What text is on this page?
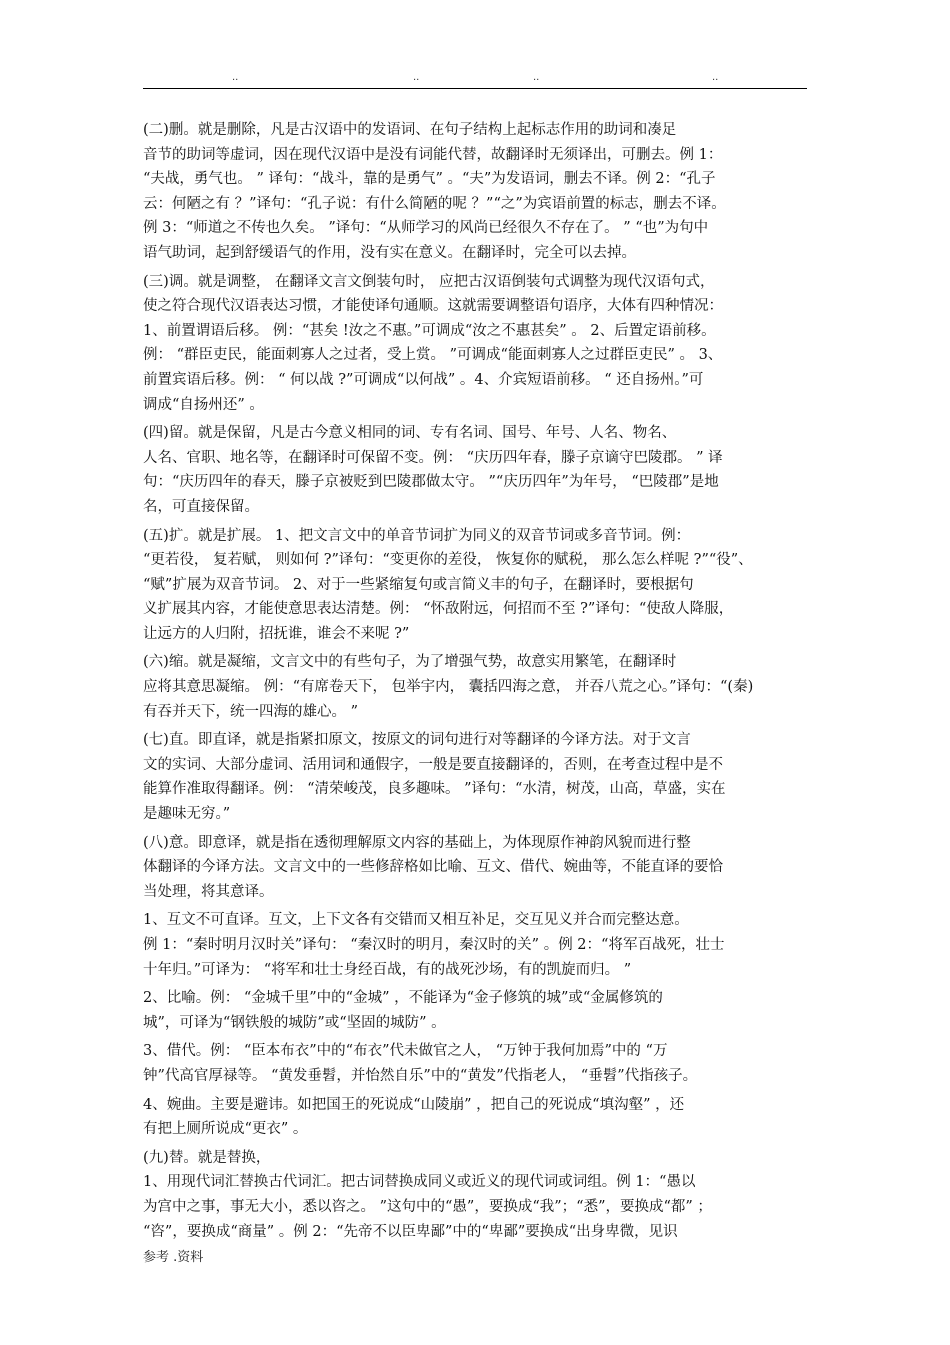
..	..	..	..
(二)删。就是删除，凡是古汉语中的发语词、在句子结构上起标志作用的助词和凑足
音节的助词等虚词，因在现代汉语中是没有词能代替，故翻译时无须译出，可删去。例 1：
“夫战，勇气也。 ” 译句：“战斗，靠的是勇气” 。“夫”为发语词，删去不译。例 2：“孔子
云：何陋之有 ？”译句：“孔子说：有什么简陋的呢 ？”“之”为宾语前置的标志，删去不译。
例 3：“师道之不传也久矣。 ”译句：“从师学习的风尚已经很久不存在了。 ” “也”为句中
语气助词，起到舒缓语气的作用，没有实在意义。在翻译时，完全可以去掉。
(三)调。就是调整， 在翻译文言文倒装句时， 应把古汉语倒装句式调整为现代汉语句式，
使之符合现代汉语表达习惯，才能使译句通顺。这就需要调整语句语序，大体有四种情况：
1、前置谓语后移。 例：“甚矣 !汝之不惠。”可调成“汝之不惠甚矣” 。 2、后置定语前移。
例： “群臣吏民，能面刺寡人之过者，受上赏。 ”可调成“能面刺寡人之过群臣吏民” 。 3、
前置宾语后移。例： “ 何以战 ?”可调成“以何战” 。4、介宾短语前移。 “ 还自扬州。”可
调成“自扬州还” 。
(四)留。就是保留，凡是古今意义相同的词、专有名词、国号、年号、人名、物名、
人名、官职、地名等，在翻译时可保留不变。例： “庆历四年春，滕子京谪守巴陵郡。 ” 译
句：“庆历四年的春天，滕子京被贬到巴陵郡做太守。 ”“庆历四年”为年号， “巴陵郡”是地
名，可直接保留。
(五)扩。就是扩展。 1、把文言文中的单音节词扩为同义的双音节词或多音节词。例：
“更若役， 复若赋， 则如何 ?”译句：“变更你的差役， 恢复你的赋税， 那么怎么样呢 ?”“役”、
“赋”扩展为双音节词。 2、对于一些紧缩复句或言简义丰的句子，在翻译时，要根据句
义扩展其内容，才能使意思表达清楚。例： “怀敌附远，何招而不至 ?”译句：“使敌人降服，
让远方的人归附，招抚谁，谁会不来呢 ?”
(六)缩。就是凝缩，文言文中的有些句子，为了增强气势，故意实用繁笔，在翻译时
应将其意思凝缩。 例：“有席卷天下， 包举宇内， 囊括四海之意， 并吞八荒之心。”译句：“(秦)
有吞并天下，统一四海的雄心。 ”
(七)直。即直译，就是指紧扣原文，按原文的词句进行对等翻译的今译方法。对于文言
文的实词、大部分虚词、活用词和通假字，一般是要直接翻译的，否则，在考查过程中是不
能算作准取得翻译。例： “清荣峻茂，良多趣味。 ”译句：“水清，树茂，山高，草盛，实在
是趣味无穷。”
(八)意。即意译，就是指在透彻理解原文内容的基础上，为体现原作神韵风貌而进行整
体翻译的今译方法。文言文中的一些修辞格如比喻、互文、借代、婉曲等，不能直译的要恰
当处理，将其意译。
1、互文不可直译。互文，上下文各有交错而又相互补足，交互见义并合而完整达意。
例 1：“秦时明月汉时关”译句： “秦汉时的明月，秦汉时的关” 。例 2：“将军百战死，壮士
十年归。”可译为： “将军和壮士身经百战，有的战死沙场，有的凯旋而归。 ”
2、比喻。例： “金城千里”中的“金城” ，不能译为“金子修筑的城”或“金属修筑的
城”，可译为“钢铁般的城防”或“坚固的城防” 。
3、借代。例： “臣本布衣”中的“布衣”代未做官之人， “万钟于我何加焉”中的 “万
钟”代高官厚禄等。 “黄发垂髫，并怡然自乐”中的“黄发”代指老人， “垂髫”代指孩子。
4、婉曲。主要是避讳。如把国王的死说成“山陵崩” ，把自己的死说成“填沟壑” ，还
有把上厕所说成“更衣” 。
(九)替。就是替换，
1、用现代词汇替换古代词汇。把古词替换成同义或近义的现代词或词组。例 1：“愚以
为宫中之事，事无大小，悉以咨之。 ”这句中的“愚”，要换成“我”；“悉”，要换成“都” ；
“咨”，要换成“商量” 。例 2：“先帝不以臣卑鄙”中的“卑鄙”要换成“出身卑微，见识
参考 .资料
